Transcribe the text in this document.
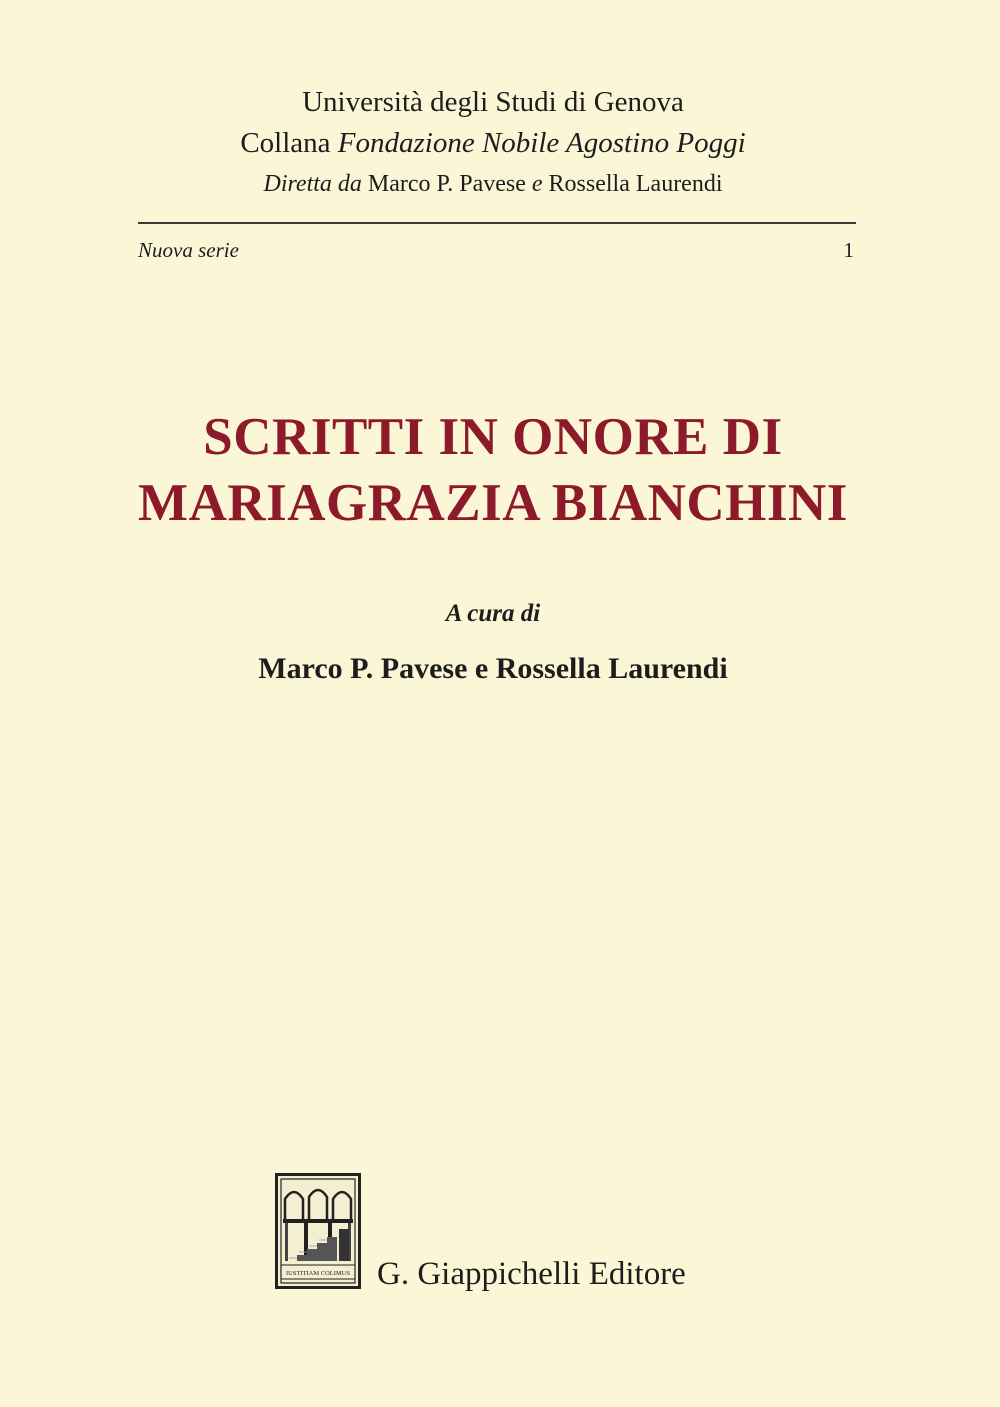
Università degli Studi di Genova
Collana Fondazione Nobile Agostino Poggi
Diretta da Marco P. Pavese e Rossella Laurendi
Nuova serie	1
SCRITTI IN ONORE DI
MARIAGRAZIA BIANCHINI
A cura di
Marco P. Pavese e Rossella Laurendi
IUSTITIAM COLIMUS G. Giappichelli Editore
